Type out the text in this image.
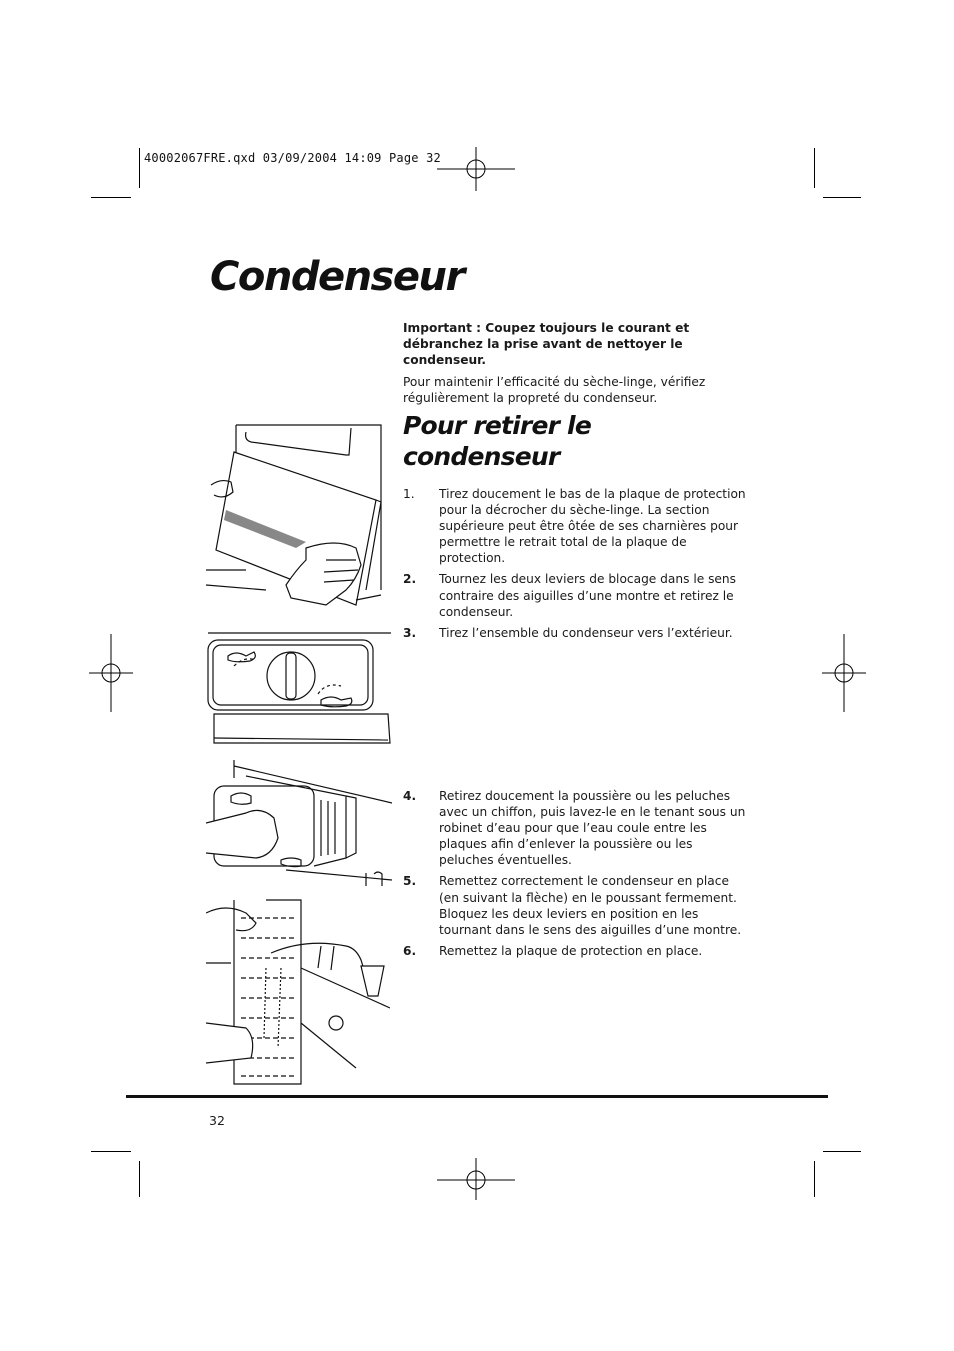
40002067FRE.qxd 03/09/2004 14:09 Page 32
Condenseur

Important : Coupez toujours le courant et débranchez la prise avant de nettoyer le condenseur.

Pour maintenir l’efficacité du sèche-linge, vérifiez régulièrement la propreté du condenseur.

Pour retirer le condenseur
1.	Tirez doucement le bas de la plaque de protection pour la décrocher du sèche-linge. La section supérieure peut être ôtée de ses charnières pour permettre le retrait total de la plaque de protection.
2.	Tournez les deux leviers de blocage dans le sens contraire des aiguilles d’une montre et retirez le condenseur.
3.	Tirez l’ensemble du condenseur vers l’extérieur.
4.	Retirez doucement la poussière ou les peluches avec un chiffon, puis lavez-le en le tenant sous un robinet d’eau pour que l’eau coule entre les plaques afin d’enlever la poussière ou les peluches éventuelles.
5.	Remettez correctement le condenseur en place (en suivant la flèche) en le poussant fermement. Bloquez les deux leviers en position en les tournant dans le sens des aiguilles d’une montre.
6.	Remettez la plaque de protection en place.
32
